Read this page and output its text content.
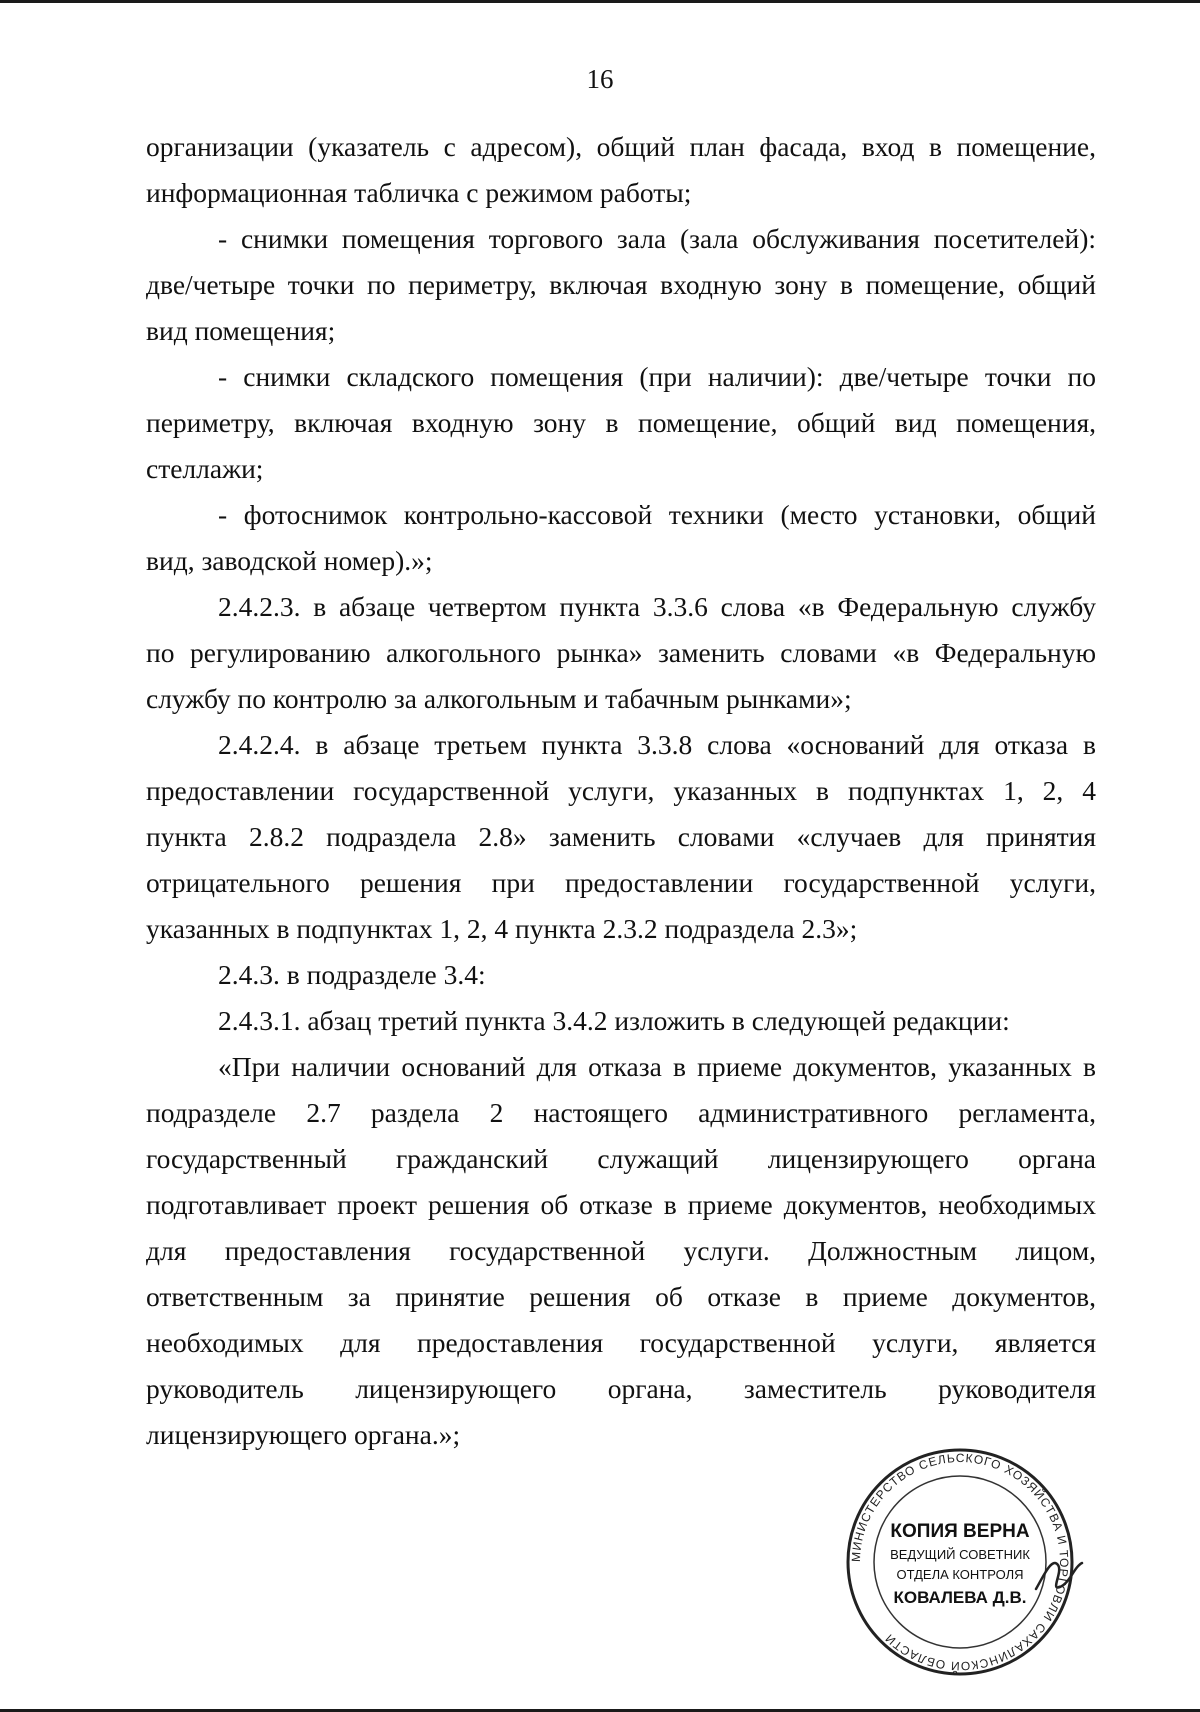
16
организации (указатель с адресом), общий план фасада, вход в помещение,
информационная табличка с режимом работы;
- снимки помещения торгового зала (зала обслуживания посетителей):
две/четыре точки по периметру, включая входную зону в помещение, общий
вид помещения;
- снимки складского помещения (при наличии): две/четыре точки по
периметру, включая входную зону в помещение, общий вид помещения,
стеллажи;
- фотоснимок контрольно-кассовой техники (место установки, общий
вид, заводской номер).»;
2.4.2.3. в абзаце четвертом пункта 3.3.6 слова «в Федеральную службу
по регулированию алкогольного рынка» заменить словами «в Федеральную
службу по контролю за алкогольным и табачным рынками»;
2.4.2.4. в абзаце третьем пункта 3.3.8 слова «оснований для отказа в
предоставлении государственной услуги, указанных в подпунктах 1, 2, 4
пункта 2.8.2 подраздела 2.8» заменить словами «случаев для принятия
отрицательного решения при предоставлении государственной услуги,
указанных в подпунктах 1, 2, 4 пункта 2.3.2 подраздела 2.3»;
2.4.3. в подразделе 3.4:
2.4.3.1. абзац третий пункта 3.4.2 изложить в следующей редакции:
«При наличии оснований для отказа в приеме документов, указанных в
подразделе 2.7 раздела 2 настоящего административного регламента,
государственный гражданский служащий лицензирующего органа
подготавливает проект решения об отказе в приеме документов, необходимых
для предоставления государственной услуги. Должностным лицом,
ответственным за принятие решения об отказе в приеме документов,
необходимых для предоставления государственной услуги, является
руководитель лицензирующего органа, заместитель руководителя
лицензирующего органа.»;
МИНИСТЕРСТВО СЕЛЬСКОГО ХОЗЯЙСТВА И ТОРГОВЛИ САХАЛИНСКОЙ ОБЛАСТИ
КОПИЯ ВЕРНА
ВЕДУЩИЙ СОВЕТНИК
ОТДЕЛА КОНТРОЛЯ
КОВАЛЕВА Д.В.
